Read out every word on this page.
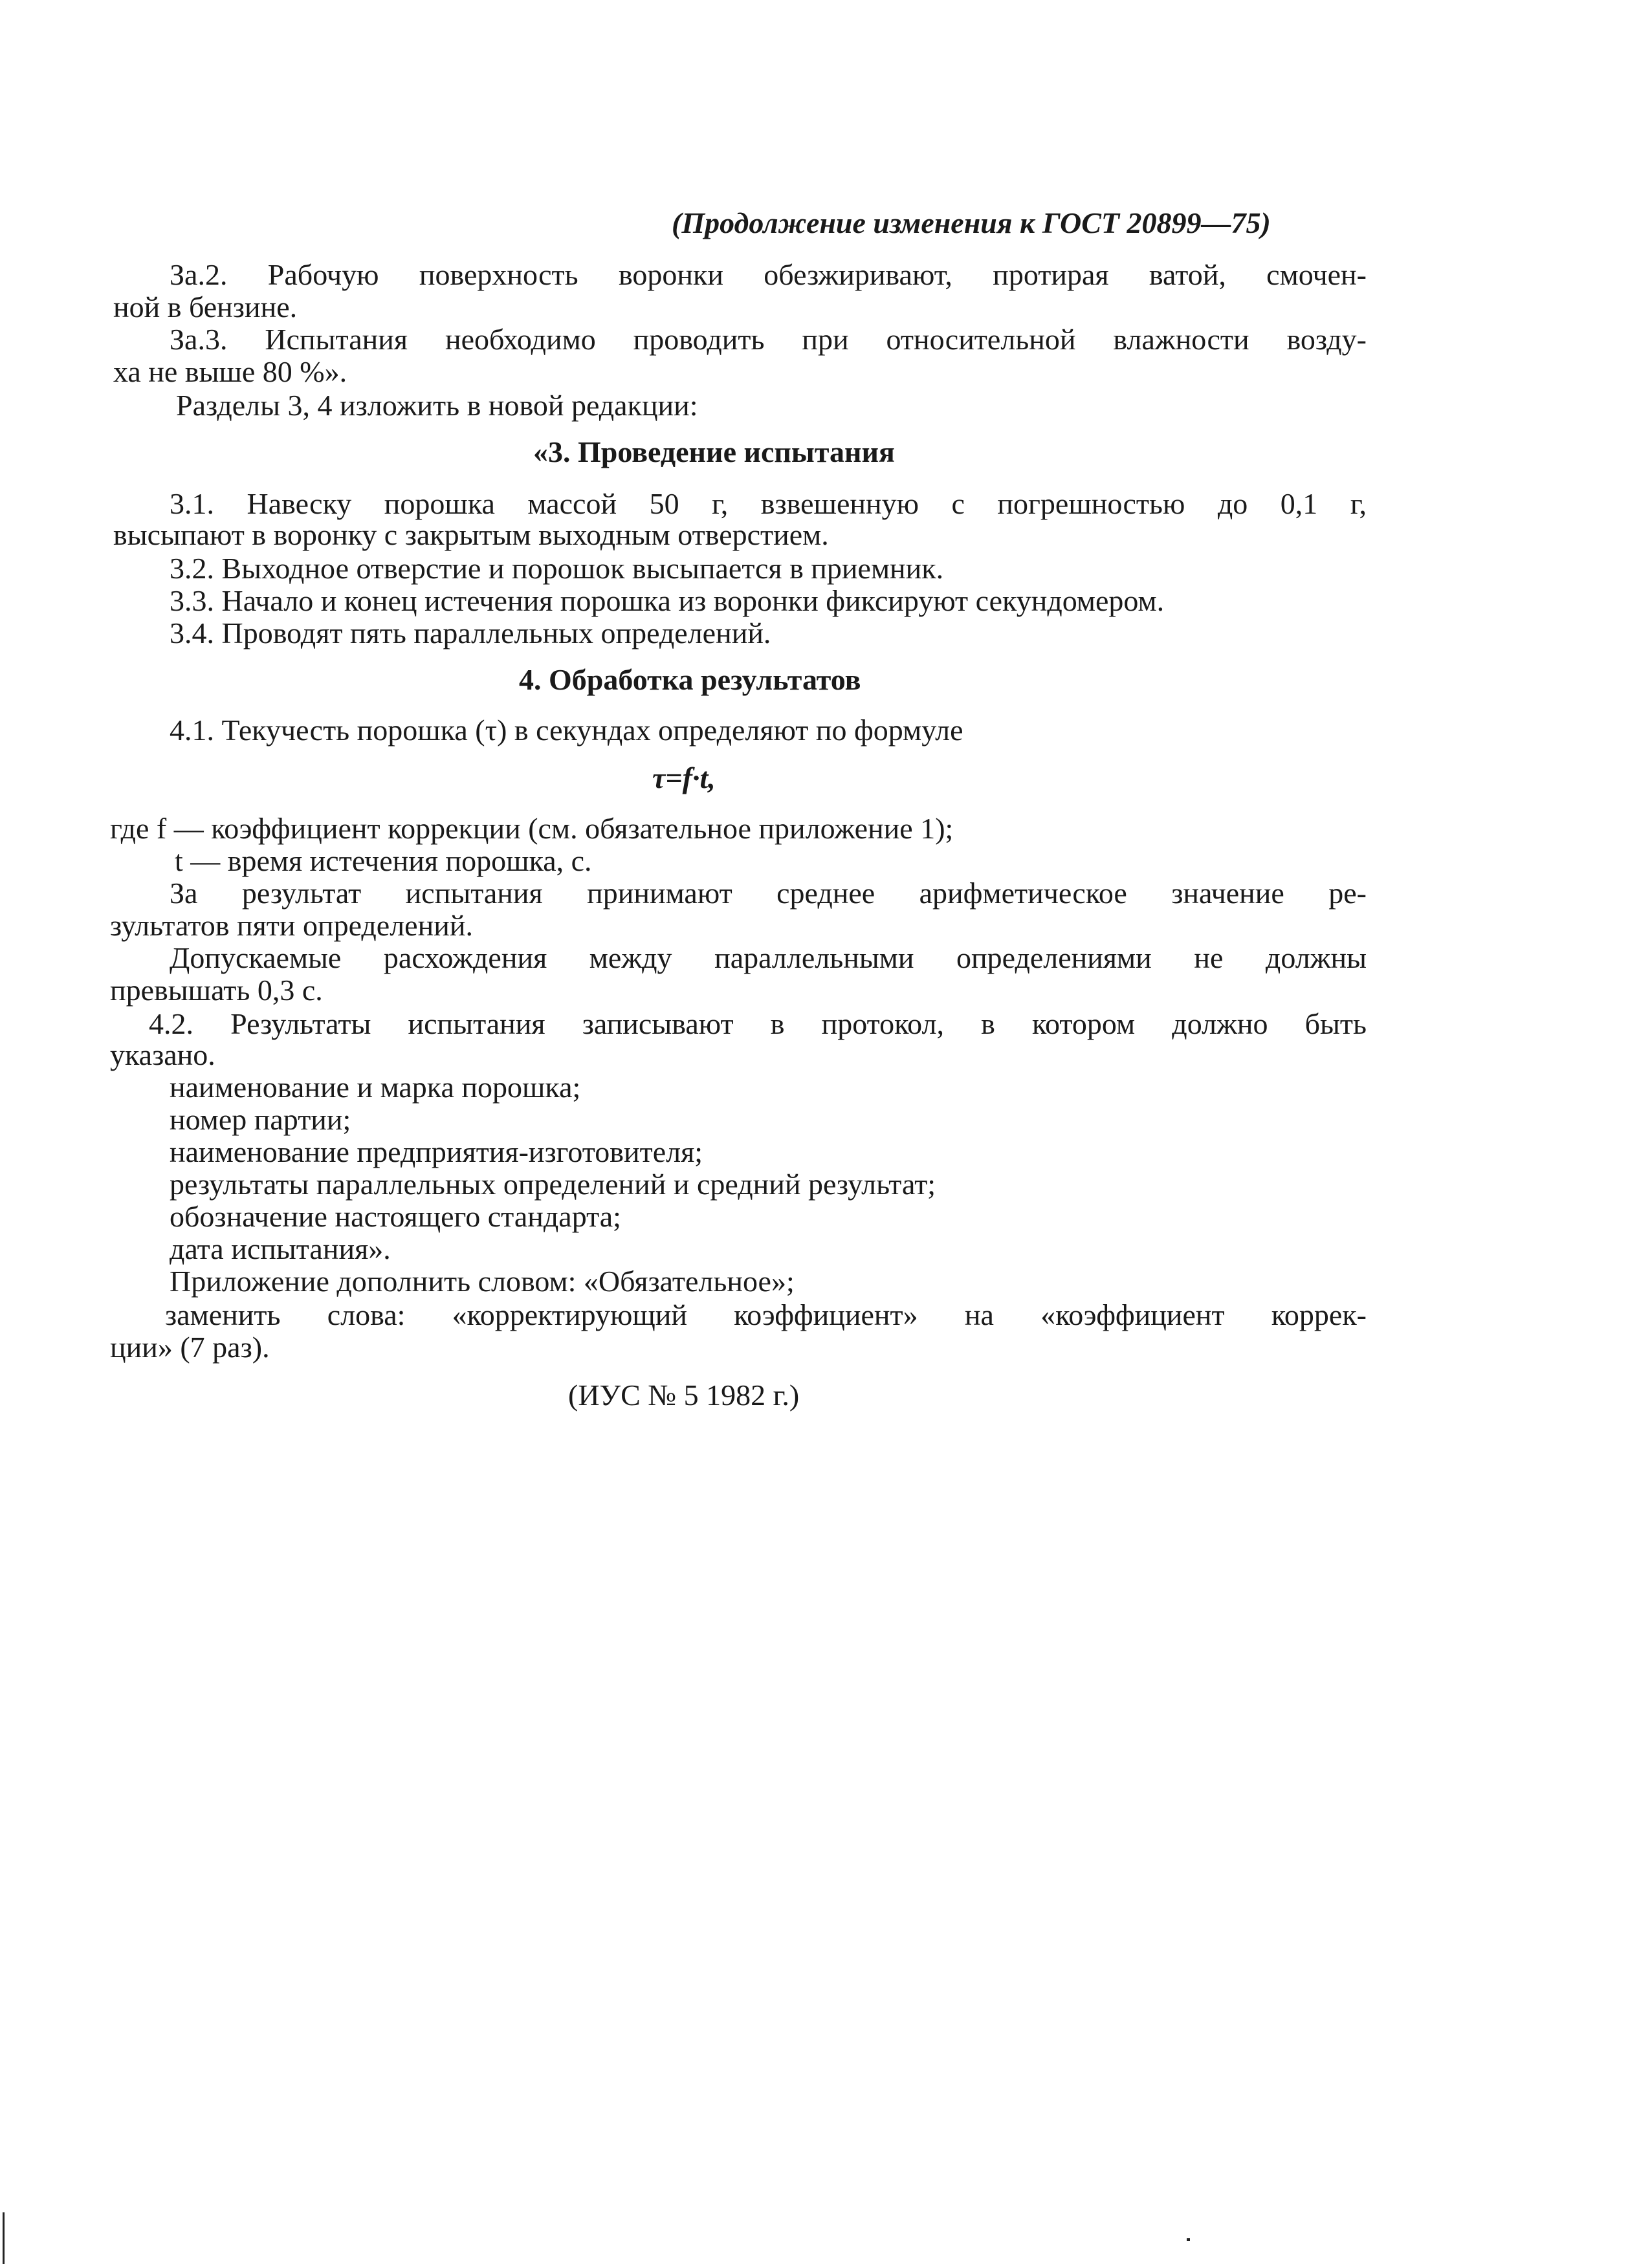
(Продолжение изменения к ГОСТ 20899—75)
За.2. Рабочую поверхность воронки обезжиривают, протирая ватой, смочен-
ной в бензине.
За.3. Испытания необходимо проводить при относительной влажности возду-
ха не выше 80 %».
Разделы 3, 4 изложить в новой редакции:
«3. Проведение испытания
3.1. Навеску порошка массой 50 г, взвешенную с погрешностью до 0,1 г,
высыпают в воронку с закрытым выходным отверстием.
3.2. Выходное отверстие и порошок высыпается в приемник.
3.3. Начало и конец истечения порошка из воронки фиксируют секундомером.
3.4. Проводят пять параллельных определений.
4. Обработка результатов
4.1. Текучесть порошка (τ) в секундах определяют по формуле
τ=f·t,
где f — коэффициент коррекции (см. обязательное приложение 1);
t — время истечения порошка, с.
За результат испытания принимают среднее арифметическое значение ре-
зультатов пяти определений.
Допускаемые расхождения между параллельными определениями не должны
превышать 0,3 с.
4.2. Результаты испытания записывают в протокол, в котором должно быть
указано.
наименование и марка порошка;
номер партии;
наименование предприятия-изготовителя;
результаты параллельных определений и средний результат;
обозначение настоящего стандарта;
дата испытания».
Приложение дополнить словом: «Обязательное»;
заменить слова: «корректирующий коэффициент» на «коэффициент коррек-
ции» (7 раз).
(ИУС № 5 1982 г.)
